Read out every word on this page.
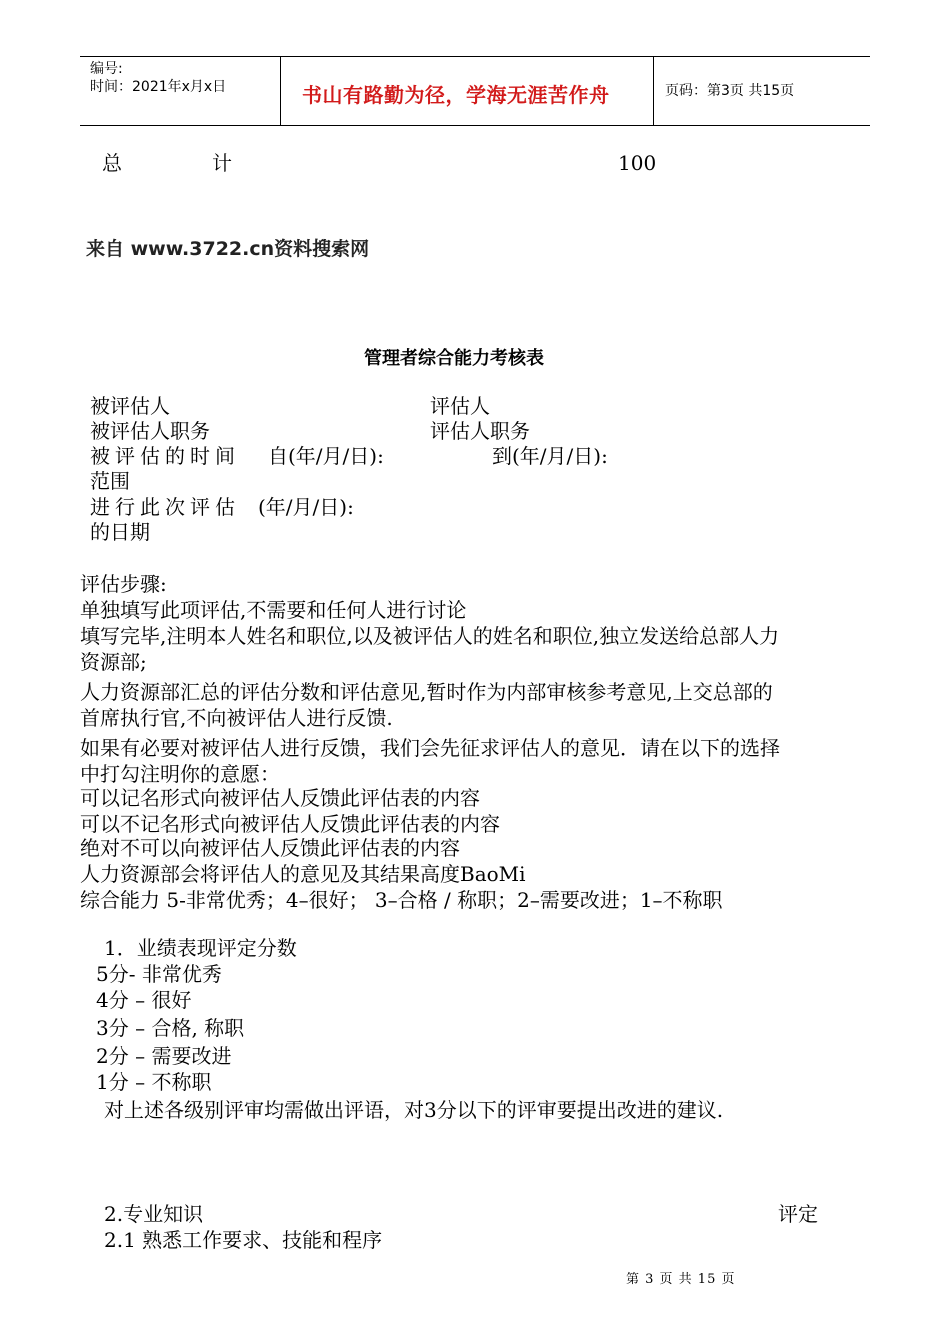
编号:
时间：2021年x月x日	书山有路勤为径，学海无涯苦作舟	页码：第3页 共15页
总	计	100
来自 www.3722.cn资料搜索网
管理者综合能力考核表
被评估人	评估人
被评估人职务	评估人职务
被评估的时间 自(年/月/日):	到(年/月/日):
范围
进行此次评估 (年/月/日):
的日期
评估步骤:
单独填写此项评估,不需要和任何人进行讨论
填写完毕,注明本人姓名和职位,以及被评估人的姓名和职位,独立发送给总部人力
资源部;
人力资源部汇总的评估分数和评估意见,暂时作为内部审核参考意见,上交总部的
首席执行官,不向被评估人进行反馈.
如果有必要对被评估人进行反馈，我们会先征求评估人的意见．请在以下的选择
中打勾注明你的意愿：
可以记名形式向被评估人反馈此评估表的内容
可以不记名形式向被评估人反馈此评估表的内容
绝对不可以向被评估人反馈此评估表的内容
人力资源部会将评估人的意见及其结果高度BaoMi
综合能力 5-非常优秀；4–很好； 3–合格 / 称职；2–需要改进；1–不称职
1．业绩表现评定分数
5分- 非常优秀
4分 – 很好
3分 – 合格, 称职
2分 – 需要改进
1分 – 不称职
对上述各级别评审均需做出评语，对3分以下的评审要提出改进的建议.
2.专业知识	评定
2.1 熟悉工作要求、技能和程序
第 3 页 共 15 页
